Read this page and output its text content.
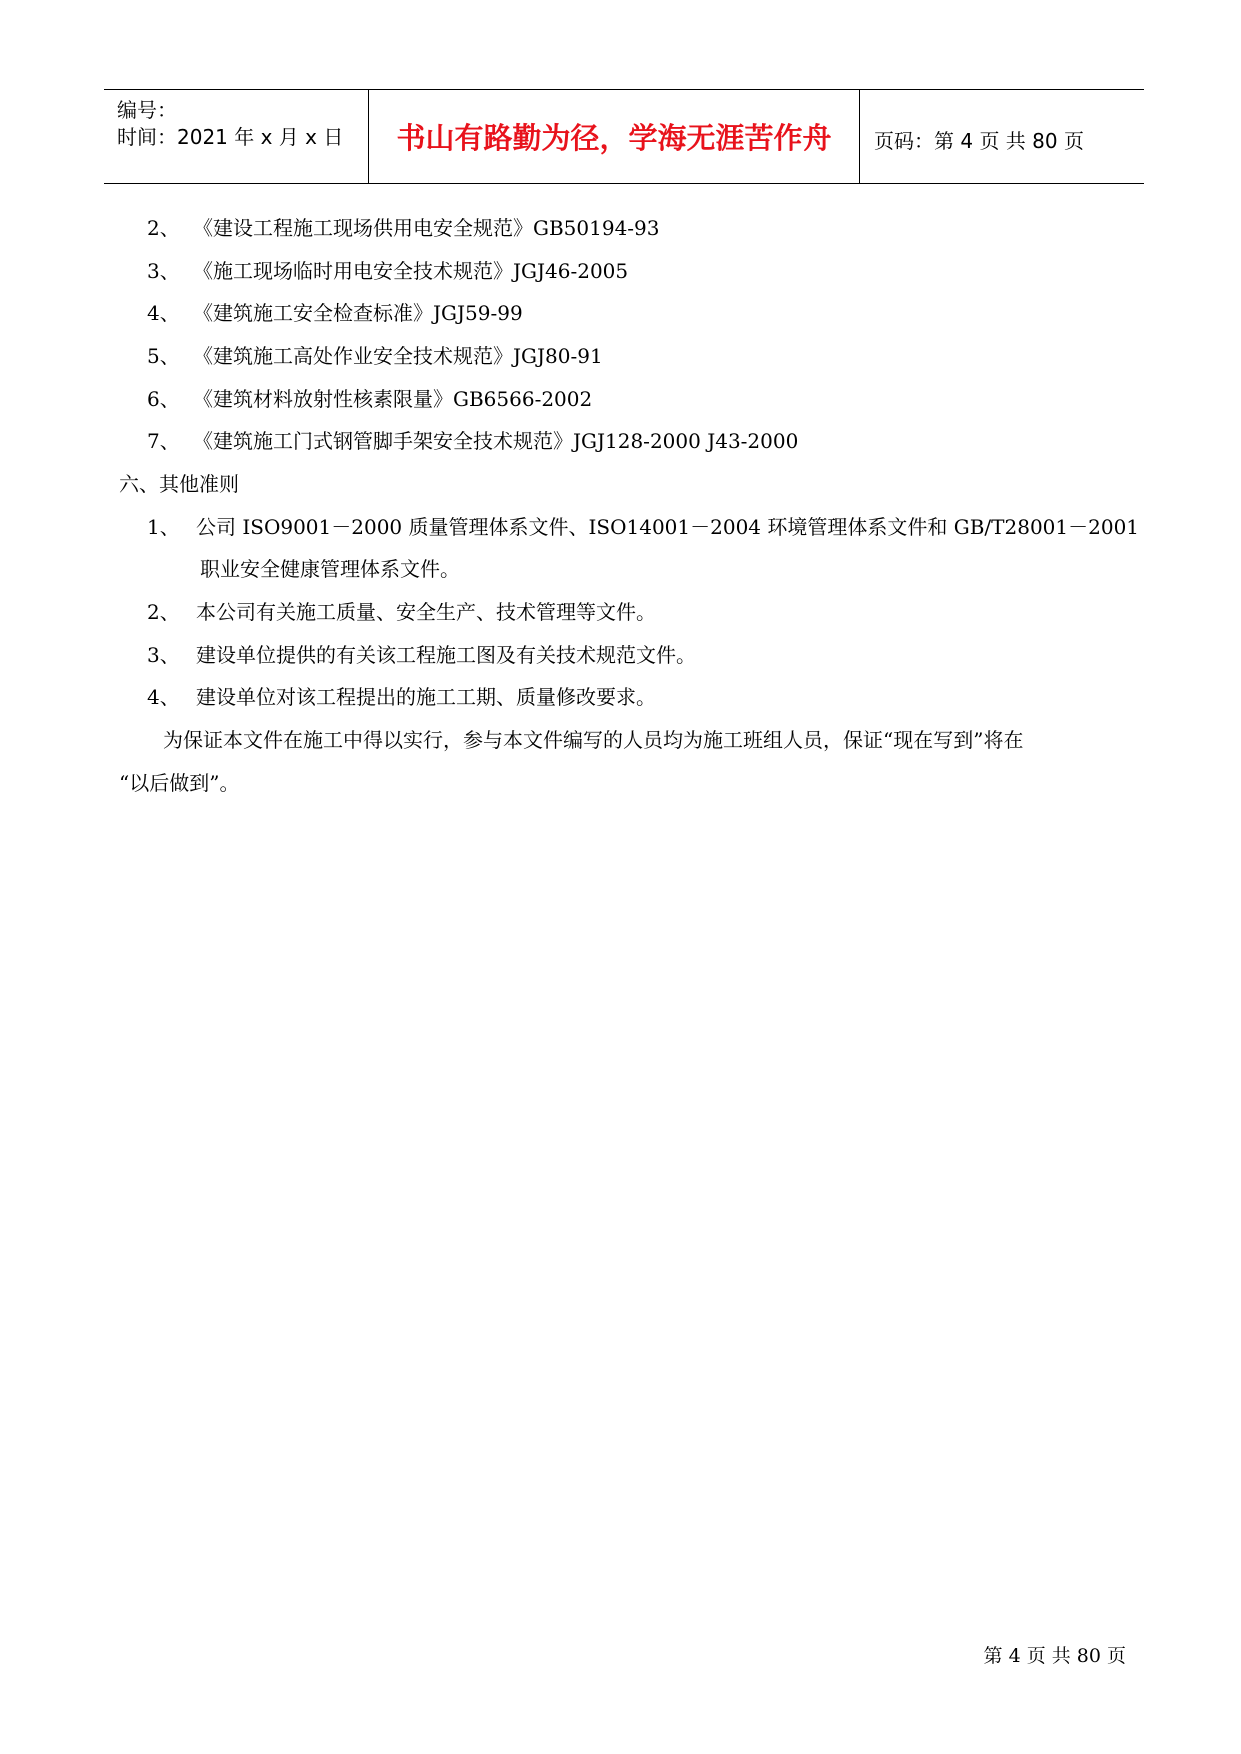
编号：
时间：2021 年 x 月 x 日	书山有路勤为径，学海无涯苦作舟	页码：第 4 页 共 80 页
2、 《建设工程施工现场供用电安全规范》GB50194-93
3、 《施工现场临时用电安全技术规范》JGJ46-2005
4、 《建筑施工安全检查标准》JGJ59-99
5、 《建筑施工高处作业安全技术规范》JGJ80-91
6、 《建筑材料放射性核素限量》GB6566-2002
7、 《建筑施工门式钢管脚手架安全技术规范》JGJ128-2000 J43-2000
六、其他准则
1、 公司 ISO9001－2000 质量管理体系文件、ISO14001－2004 环境管理体系文件和 GB/T28001－2001
职业安全健康管理体系文件。
2、 本公司有关施工质量、安全生产、技术管理等文件。
3、 建设单位提供的有关该工程施工图及有关技术规范文件。
4、 建设单位对该工程提出的施工工期、质量修改要求。
为保证本文件在施工中得以实行，参与本文件编写的人员均为施工班组人员，保证“现在写到”将在
“以后做到”。
第 4 页 共 80 页
